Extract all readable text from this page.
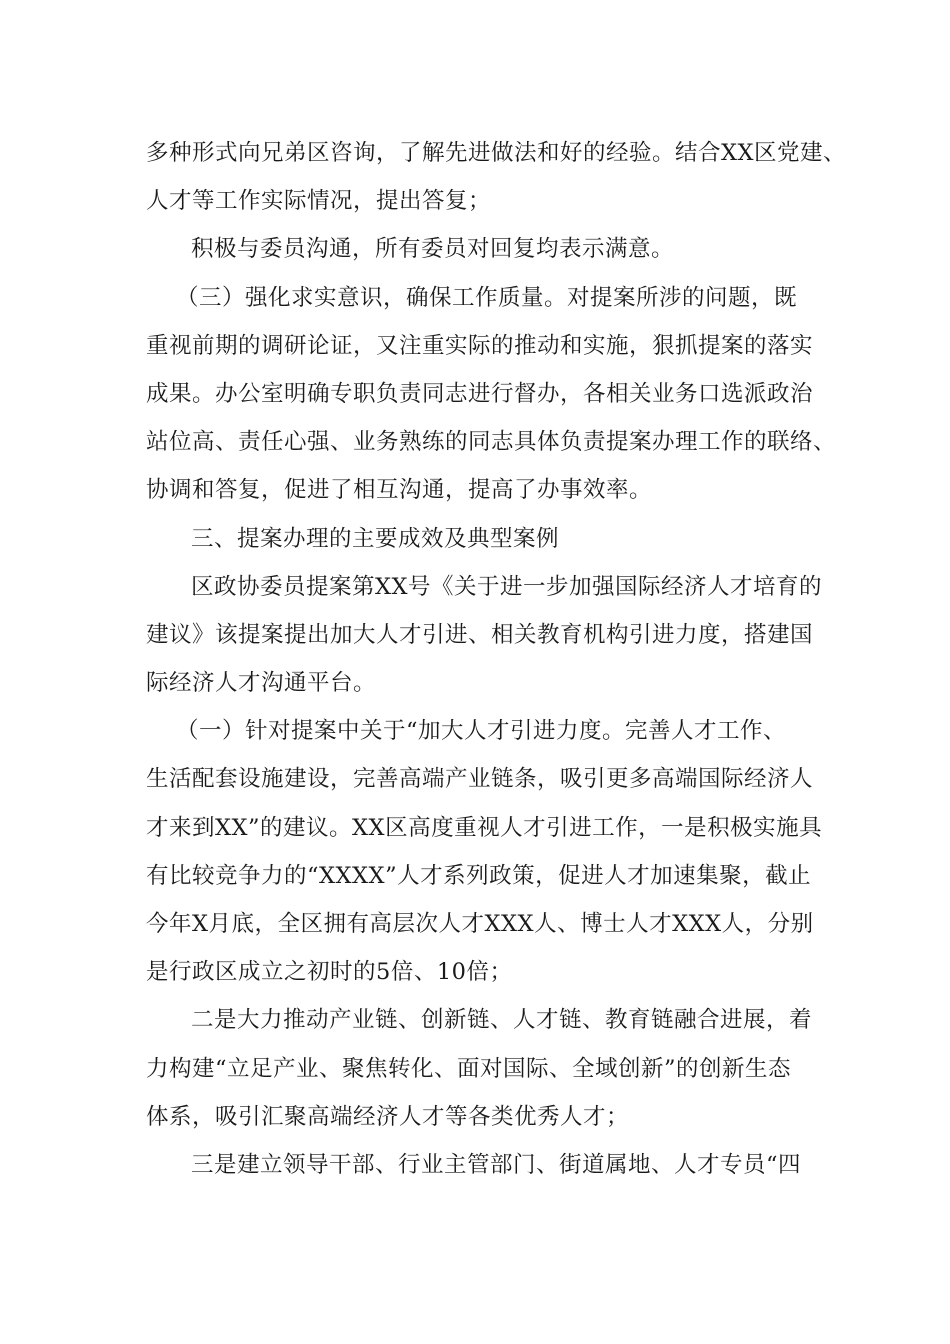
多种形式向兄弟区咨询，了解先进做法和好的经验。结合XX区党建、
人才等工作实际情况，提出答复；
积极与委员沟通，所有委员对回复均表示满意。
（三）强化求实意识，确保工作质量。对提案所涉的问题，既
重视前期的调研论证，又注重实际的推动和实施，狠抓提案的落实
成果。办公室明确专职负责同志进行督办，各相关业务口选派政治
站位高、责任心强、业务熟练的同志具体负责提案办理工作的联络、
协调和答复，促进了相互沟通，提高了办事效率。
三、提案办理的主要成效及典型案例
区政协委员提案第XX号《关于进一步加强国际经济人才培育的
建议》该提案提出加大人才引进、相关教育机构引进力度，搭建国
际经济人才沟通平台。
（一）针对提案中关于“加大人才引进力度。完善人才工作、
生活配套设施建设，完善高端产业链条，吸引更多高端国际经济人
才来到XX”的建议。XX区高度重视人才引进工作，一是积极实施具
有比较竞争力的“XXXX”人才系列政策，促进人才加速集聚，截止
今年X月底，全区拥有高层次人才XXX人、博士人才XXX人，分别
是行政区成立之初时的5倍、10倍；
二是大力推动产业链、创新链、人才链、教育链融合进展，着
力构建“立足产业、聚焦转化、面对国际、全域创新”的创新生态
体系，吸引汇聚高端经济人才等各类优秀人才；
三是建立领导干部、行业主管部门、街道属地、人才专员“四
